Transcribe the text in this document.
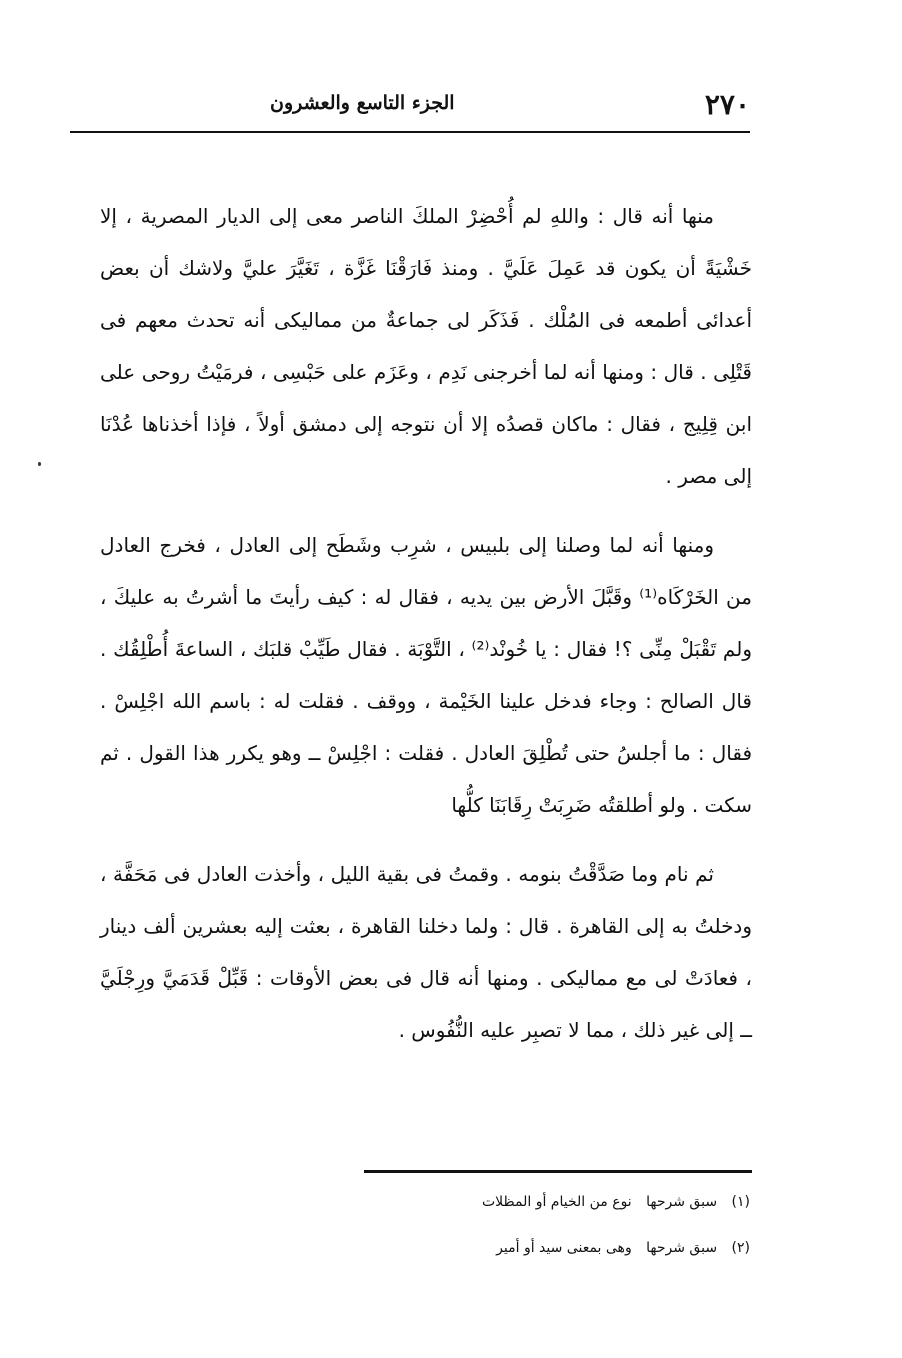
٢٧٠
الجزء التاسع والعشرون

منها أنه قال : واللهِ لم أُحْضِرْ الملكَ الناصر معى إلى الديار المصرية ، إلا خَشْيَةً أن يكون قد عَمِلَ عَلَيَّ . ومنذ فَارَقْنَا غَزَّة ، تَغَيَّرَ عليَّ ولاشك أن بعض أعدائى أطمعه فى المُلْك . فَذَكَر لى جماعةٌ من مماليكى أنه تحدث معهم فى قَتْلِى . قال : ومنها أنه لما أخرجنى نَدِم ، وعَزَم على حَبْسِى ، فرمَيْتُ روحى على ابن قِلِيج ، فقال : ماكان قصدُه إلا أن نتوجه إلى دمشق أولاً ، فإذا أخذناها عُدْنَا إلى مصر .

ومنها أنه لما وصلنا إلى بلبيس ، شرِب وشَطَح إلى العادل ، فخرج العادل من الخَرْكَاه⁽¹⁾ وقَبَّلَ الأرض بين يديه ، فقال له : كيف رأيتَ ما أشرتُ به عليكَ ، ولم تَقْبَلْ مِنِّى ؟! فقال : يا خُونْد⁽²⁾ ، التَّوْبَة . فقال طَيِّبْ قلبَك ، الساعةَ أُطْلِقُك . قال الصالح : وجاء فدخل علينا الخَيْمة ، ووقف . فقلت له : باسم الله اجْلِسْ . فقال : ما أجلسُ حتى تُطْلِقَ العادل . فقلت : اجْلِسْ ــ وهو يكرر هذا القول . ثم سكت . ولو أطلقتُه ضَرِبَتْ رِقَابَنَا كلُّها

ثم نام وما صَدَّقْتُ بنومه . وقمتُ فى بقية الليل ، وأخذت العادل فى مَحَفَّة ، ودخلتُ به إلى القاهرة . قال : ولما دخلنا القاهرة ، بعثت إليه بعشرين ألف دينار ، فعادَتْ لى مع مماليكى . ومنها أنه قال فى بعض الأوقات : قَبِّلْ قَدَمَيَّ ورِجْلَيَّ ــ إلى غير ذلك ، مما لا تصبِر عليه النُّفُوس .

(١) سبق شرحها نوع من الخيام أو المظلات
(٢) سبق شرحها وهى بمعنى سيد أو أمير
